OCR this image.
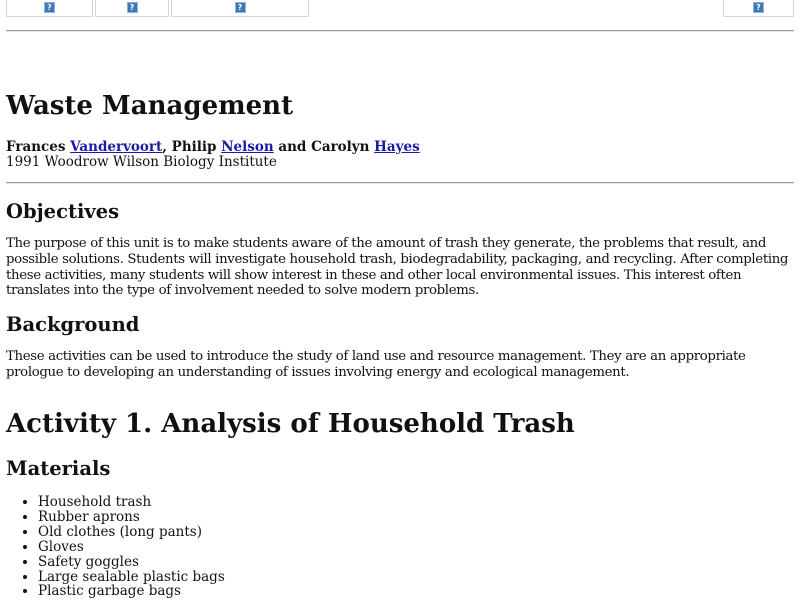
?	?	?	?
Waste Management
Frances Vandervoort, Philip Nelson and Carolyn Hayes
1991 Woodrow Wilson Biology Institute
Objectives

The purpose of this unit is to make students aware of the amount of trash they generate, the problems that result, and possible solutions. Students will investigate household trash, biodegradability, packaging, and recycling. After completing these activities, many students will show interest in these and other local environmental issues. This interest often translates into the type of involvement needed to solve modern problems.

Background

These activities can be used to introduce the study of land use and resource management. They are an appropriate prologue to developing an understanding of issues involving energy and ecological management.

Activity 1. Analysis of Household Trash
Materials
• Household trash
• Rubber aprons
• Old clothes (long pants)
• Gloves
• Safety goggles
• Large sealable plastic bags
• Plastic garbage bags
